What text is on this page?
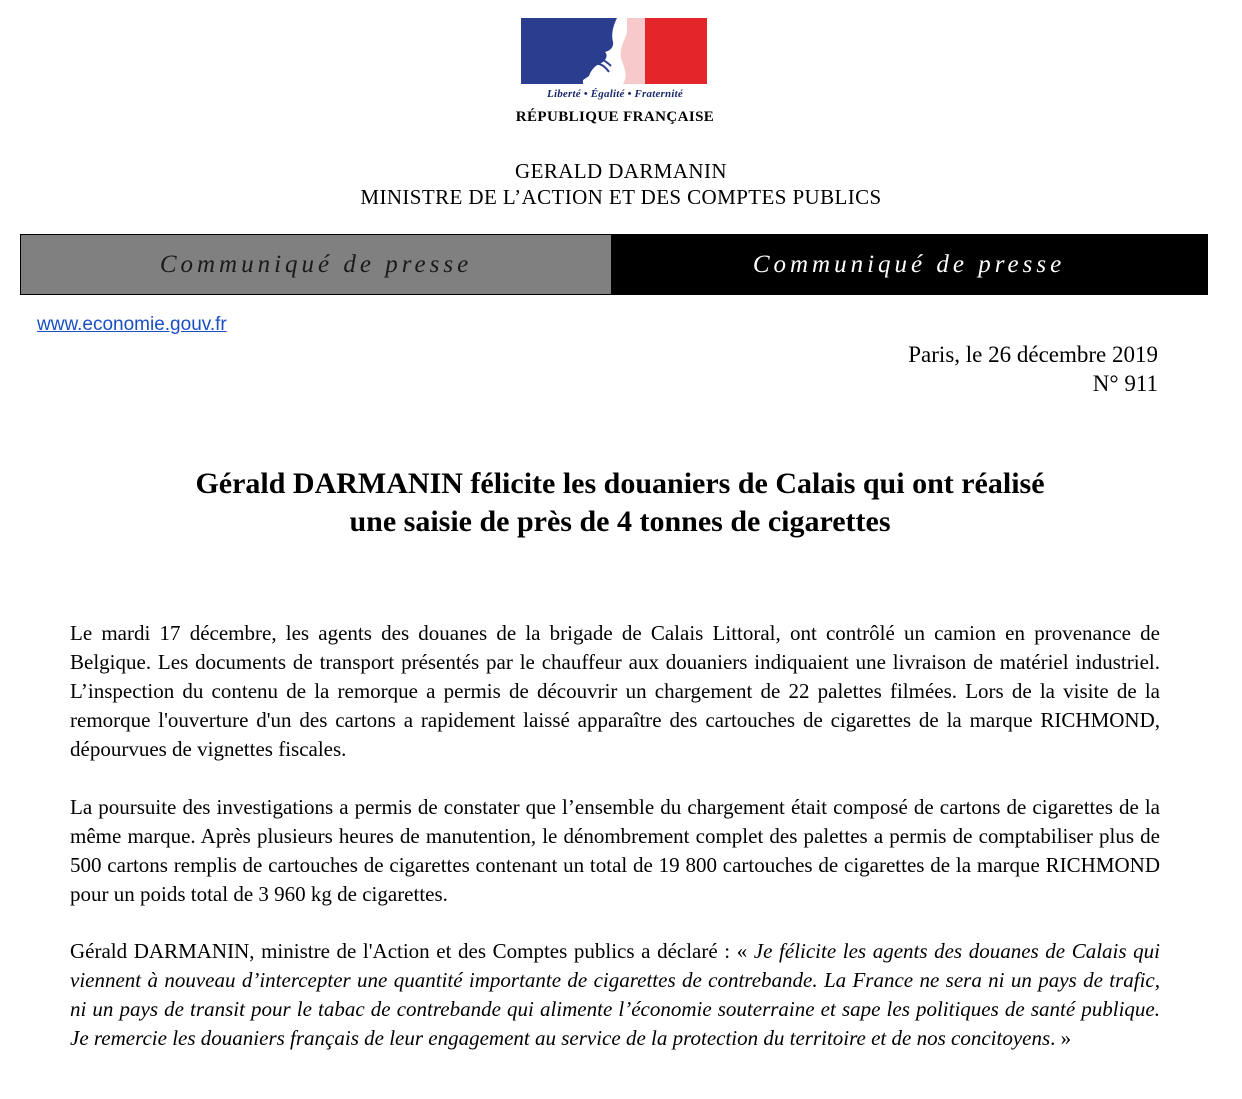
Liberté • Égalité • Fraternité
RÉPUBLIQUE FRANÇAISE
GERALD DARMANIN
MINISTRE DE L’ACTION ET DES COMPTES PUBLICS
Communiqué de presse	Communiqué de presse
www.economie.gouv.fr
Paris, le 26 décembre 2019
N° 911
Gérald DARMANIN félicite les douaniers de Calais qui ont réalisé
une saisie de près de 4 tonnes de cigarettes
Le mardi 17 décembre, les agents des douanes de la brigade de Calais Littoral, ont contrôlé un camion en provenance de Belgique. Les documents de transport présentés par le chauffeur aux douaniers indiquaient une livraison de matériel industriel. L’inspection du contenu de la remorque a permis de découvrir un chargement de 22 palettes filmées. Lors de la visite de la remorque l'ouverture d'un des cartons a rapidement laissé apparaître des cartouches de cigarettes de la marque RICHMOND, dépourvues de vignettes fiscales.
La poursuite des investigations a permis de constater que l’ensemble du chargement était composé de cartons de cigarettes de la même marque. Après plusieurs heures de manutention, le dénombrement complet des palettes a permis de comptabiliser plus de 500 cartons remplis de cartouches de cigarettes contenant un total de 19 800 cartouches de cigarettes de la marque RICHMOND pour un poids total de 3 960 kg de cigarettes.
Gérald DARMANIN, ministre de l'Action et des Comptes publics a déclaré : « Je félicite les agents des douanes de Calais qui viennent à nouveau d’intercepter une quantité importante de cigarettes de contrebande. La France ne sera ni un pays de trafic, ni un pays de transit pour le tabac de contrebande qui alimente l’économie souterraine et sape les politiques de santé publique. Je remercie les douaniers français de leur engagement au service de la protection du territoire et de nos concitoyens. »
